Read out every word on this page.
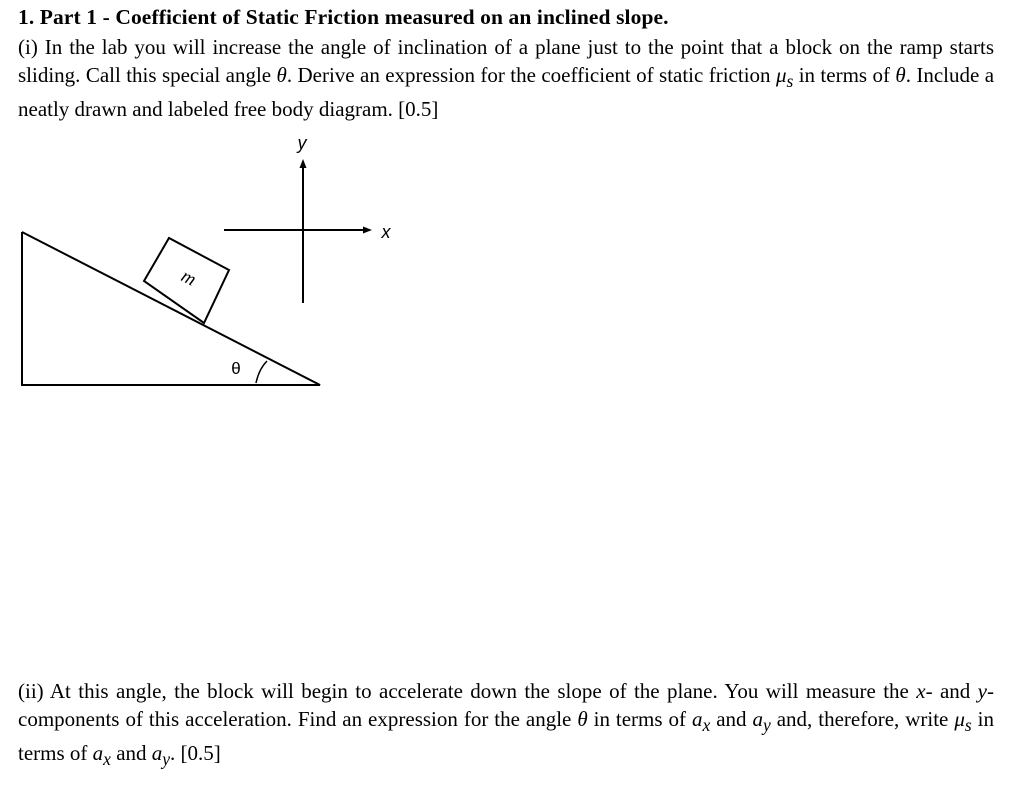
1. Part 1 - Coefficient of Static Friction measured on an inclined slope.
(i) In the lab you will increase the angle of inclination of a plane just to the point that a block on the ramp starts sliding. Call this special angle θ. Derive an expression for the coefficient of static friction $\mu_s$ in terms of θ. Include a neatly drawn and labeled free body diagram. [0.5]
m
θ
x
y
(ii) At this angle, the block will begin to accelerate down the slope of the plane. You will measure the x- and y-components of this acceleration. Find an expression for the angle θ in terms of $a_x$ and $a_y$ and, therefore, write $\mu_s$ in terms of $a_x$ and $a_y$. [0.5]
